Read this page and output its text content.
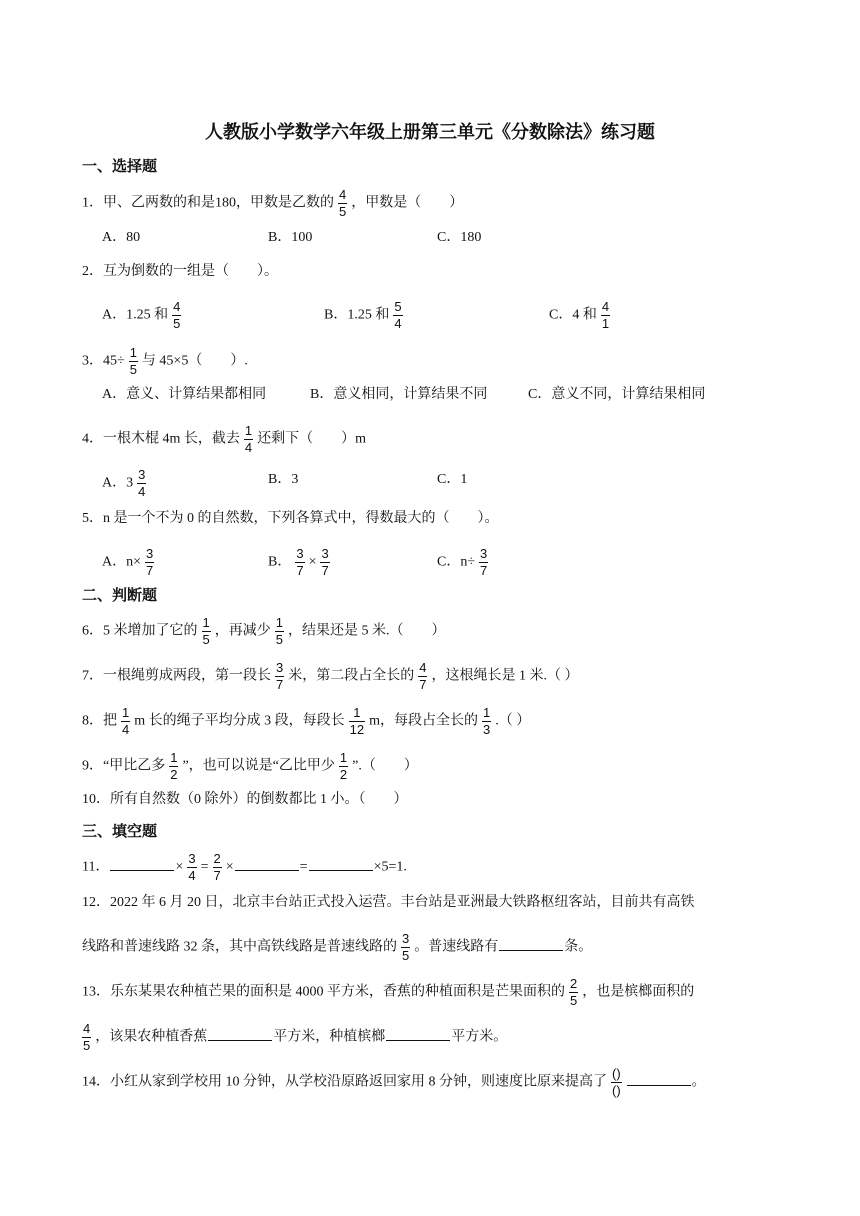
人教版小学数学六年级上册第三单元《分数除法》练习题
一、选择题
1．甲、乙两数的和是180，甲数是乙数的 $\frac{4}{5}$ ，甲数是（　　）
A．80	B．100	C．180
2．互为倒数的一组是（　　）。
A．1.25 和 $\frac{4}{5}$	B．1.25 和 $\frac{5}{4}$	C．4 和 $\frac{4}{1}$
3．$45\div \frac{1}{5}$ 与 45×5（　　）.
A．意义、计算结果都相同	B．意义相同，计算结果不同	C．意义不同，计算结果相同
4．一根木棍 4m 长，截去 $\frac{1}{4}$ 还剩下（　　）m
A．$3 \frac{3}{4}$	B．3	C．1
5．n 是一个不为 0 的自然数，下列各算式中，得数最大的（　　）。
A．$n\times \frac{3}{7}$	B． $\frac{3}{7} \times \frac{3}{7}$	C．$n\div \frac{3}{7}$
二、判断题
6．5 米增加了它的 $\frac{1}{5}$ ，再减少 $\frac{1}{5}$ ，结果还是 5 米.（　　）
7．一根绳剪成两段，第一段长 $\frac{3}{7}$ 米，第二段占全长的 $\frac{4}{7}$ ，这根绳长是 1 米.（ ）
8．把 $\frac{1}{4}$ m 长的绳子平均分成 3 段，每段长 $\frac{1}{12}$ m，每段占全长的 $\frac{1}{3}$ .（ ）
9．“甲比乙多 $\frac{1}{2}$ ”，也可以说是“乙比甲少 $\frac{1}{2}$ ”.（　　）
10．所有自然数（0 除外）的倒数都比 1 小。（　　）
三、填空题
11．	× $\frac{3}{4} = \frac{2}{7}$ ×	=	×5=1.
12．2022 年 6 月 20 日，北京丰台站正式投入运营。丰台站是亚洲最大铁路枢纽客站，目前共有高铁
线路和普速线路 32 条，其中高铁线路是普速线路的 $\frac{3}{5}$ 。普速线路有	条。
13．乐东某果农种植芒果的面积是 4000 平方米，香蕉的种植面积是芒果面积的 $\frac{2}{5}$ ，也是槟榔面积的
$\frac{4}{5}$ ，该果农种植香蕉	平方米，种植槟榔	平方米。
14．小红从家到学校用 10 分钟，从学校沿原路返回家用 8 分钟，则速度比原来提高了 $\frac{()}{()}$	。
